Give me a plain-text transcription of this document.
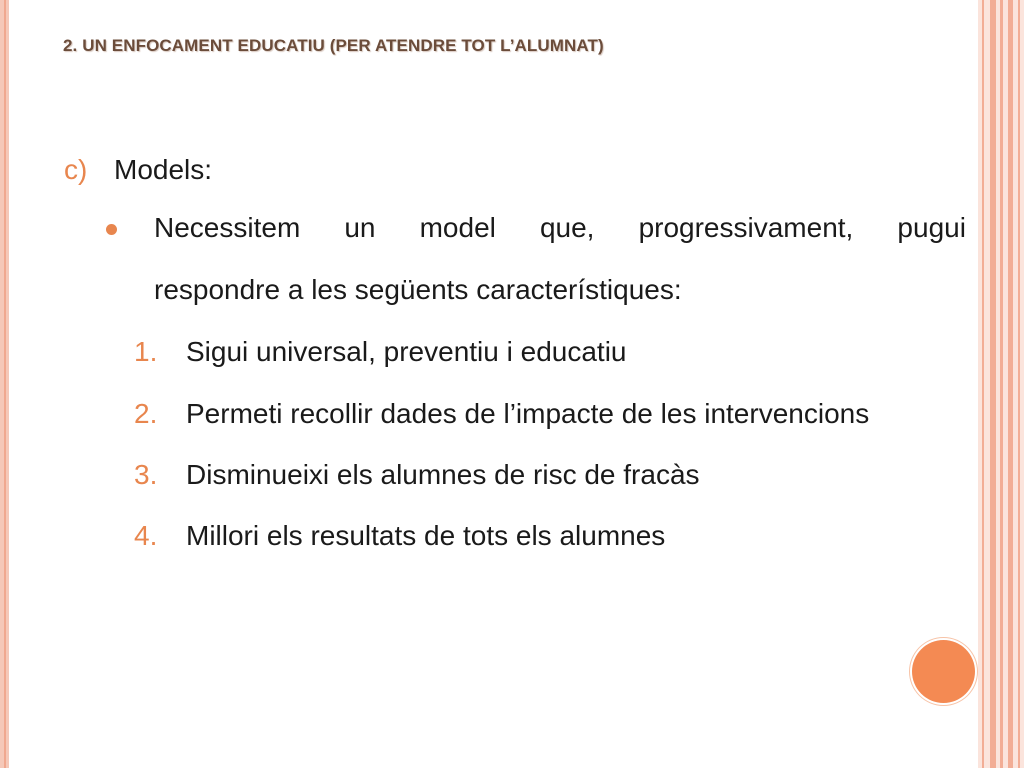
2. UN ENFOCAMENT EDUCATIU (PER ATENDRE TOT L’ALUMNAT)
c) Models:
Necessitem un model que, progressivament, pugui
respondre a les següents característiques:
1. Sigui universal, preventiu i educatiu
2. Permeti recollir dades de l’impacte de les intervencions
3. Disminueixi els alumnes de risc de fracàs
4. Millori els resultats de tots els alumnes
